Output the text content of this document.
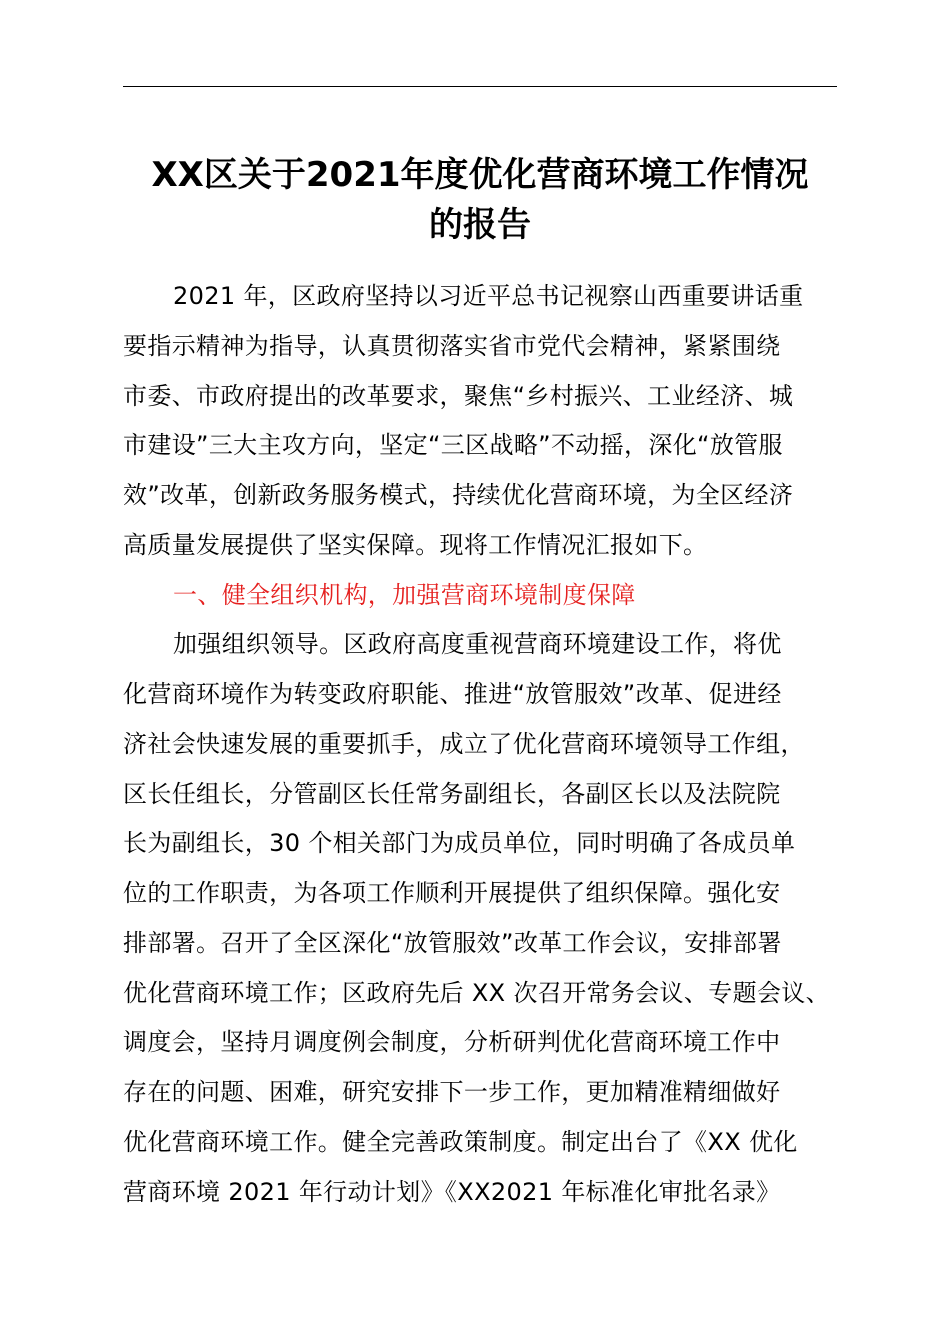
XX区关于2021年度优化营商环境工作情况
的报告
2021 年，区政府坚持以习近平总书记视察山西重要讲话重
要指示精神为指导，认真贯彻落实省市党代会精神，紧紧围绕
市委、市政府提出的改革要求，聚焦“乡村振兴、工业经济、城
市建设”三大主攻方向，坚定“三区战略”不动摇，深化“放管服
效”改革，创新政务服务模式，持续优化营商环境，为全区经济
高质量发展提供了坚实保障。现将工作情况汇报如下。
一、健全组织机构，加强营商环境制度保障
加强组织领导。区政府高度重视营商环境建设工作，将优
化营商环境作为转变政府职能、推进“放管服效”改革、促进经
济社会快速发展的重要抓手，成立了优化营商环境领导工作组，
区长任组长，分管副区长任常务副组长，各副区长以及法院院
长为副组长，30 个相关部门为成员单位，同时明确了各成员单
位的工作职责，为各项工作顺利开展提供了组织保障。强化安
排部署。召开了全区深化“放管服效”改革工作会议，安排部署
优化营商环境工作；区政府先后 XX 次召开常务会议、专题会议、
调度会，坚持月调度例会制度，分析研判优化营商环境工作中
存在的问题、困难，研究安排下一步工作，更加精准精细做好
优化营商环境工作。健全完善政策制度。制定出台了《XX 优化
营商环境 2021 年行动计划》《XX2021 年标准化审批名录》
